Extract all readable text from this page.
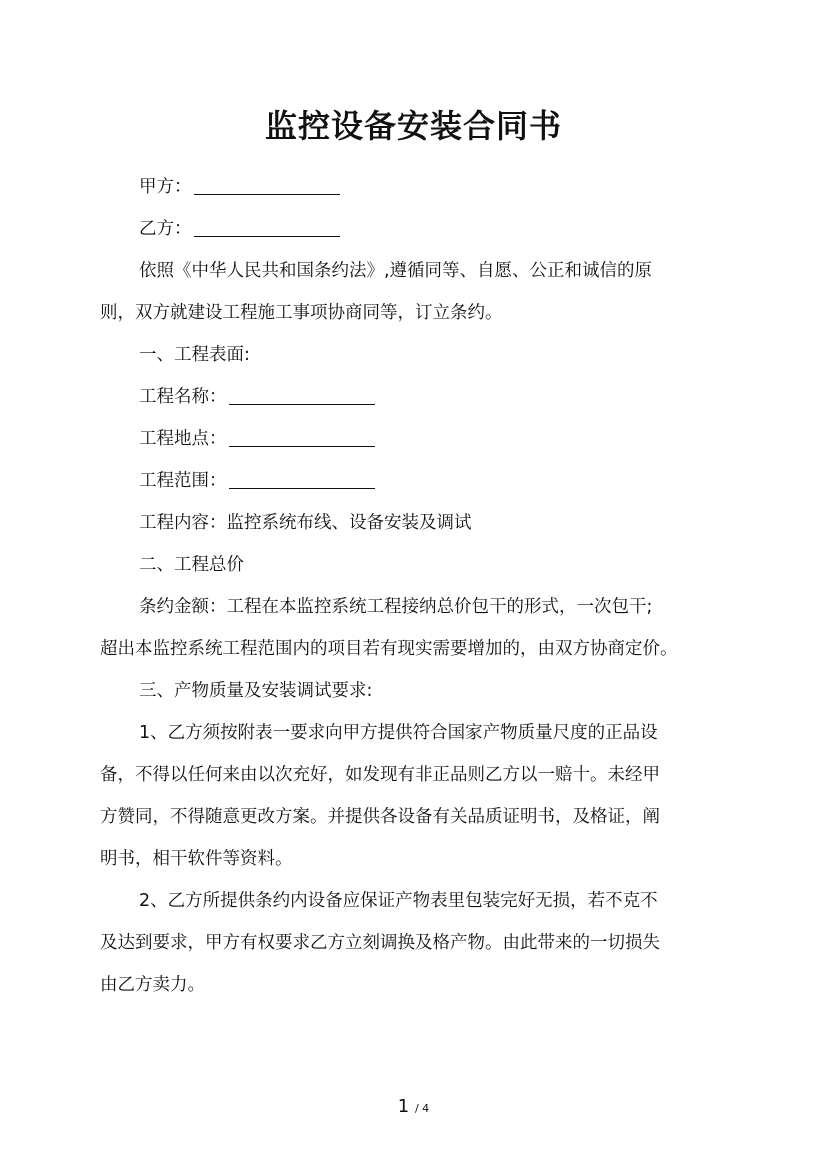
监控设备安装合同书

甲方：

乙方：

依照《中华人民共和国条约法》,遵循同等、自愿、公正和诚信的原

则，双方就建设工程施工事项协商同等，订立条约。

一、工程表面:

工程名称：

工程地点：

工程范围：

工程内容：监控系统布线、设备安装及调试

二、工程总价

条约金额：工程在本监控系统工程接纳总价包干的形式，一次包干;

超出本监控系统工程范围内的项目若有现实需要增加的，由双方协商定价。

三、产物质量及安装调试要求:

1、乙方须按附表一要求向甲方提供符合国家产物质量尺度的正品设

备，不得以任何来由以次充好，如发现有非正品则乙方以一赔十。未经甲

方赞同，不得随意更改方案。并提供各设备有关品质证明书，及格证，阐

明书，相干软件等资料。

2、乙方所提供条约内设备应保证产物表里包装完好无损，若不克不

及达到要求，甲方有权要求乙方立刻调换及格产物。由此带来的一切损失

由乙方卖力。

1 / 4
